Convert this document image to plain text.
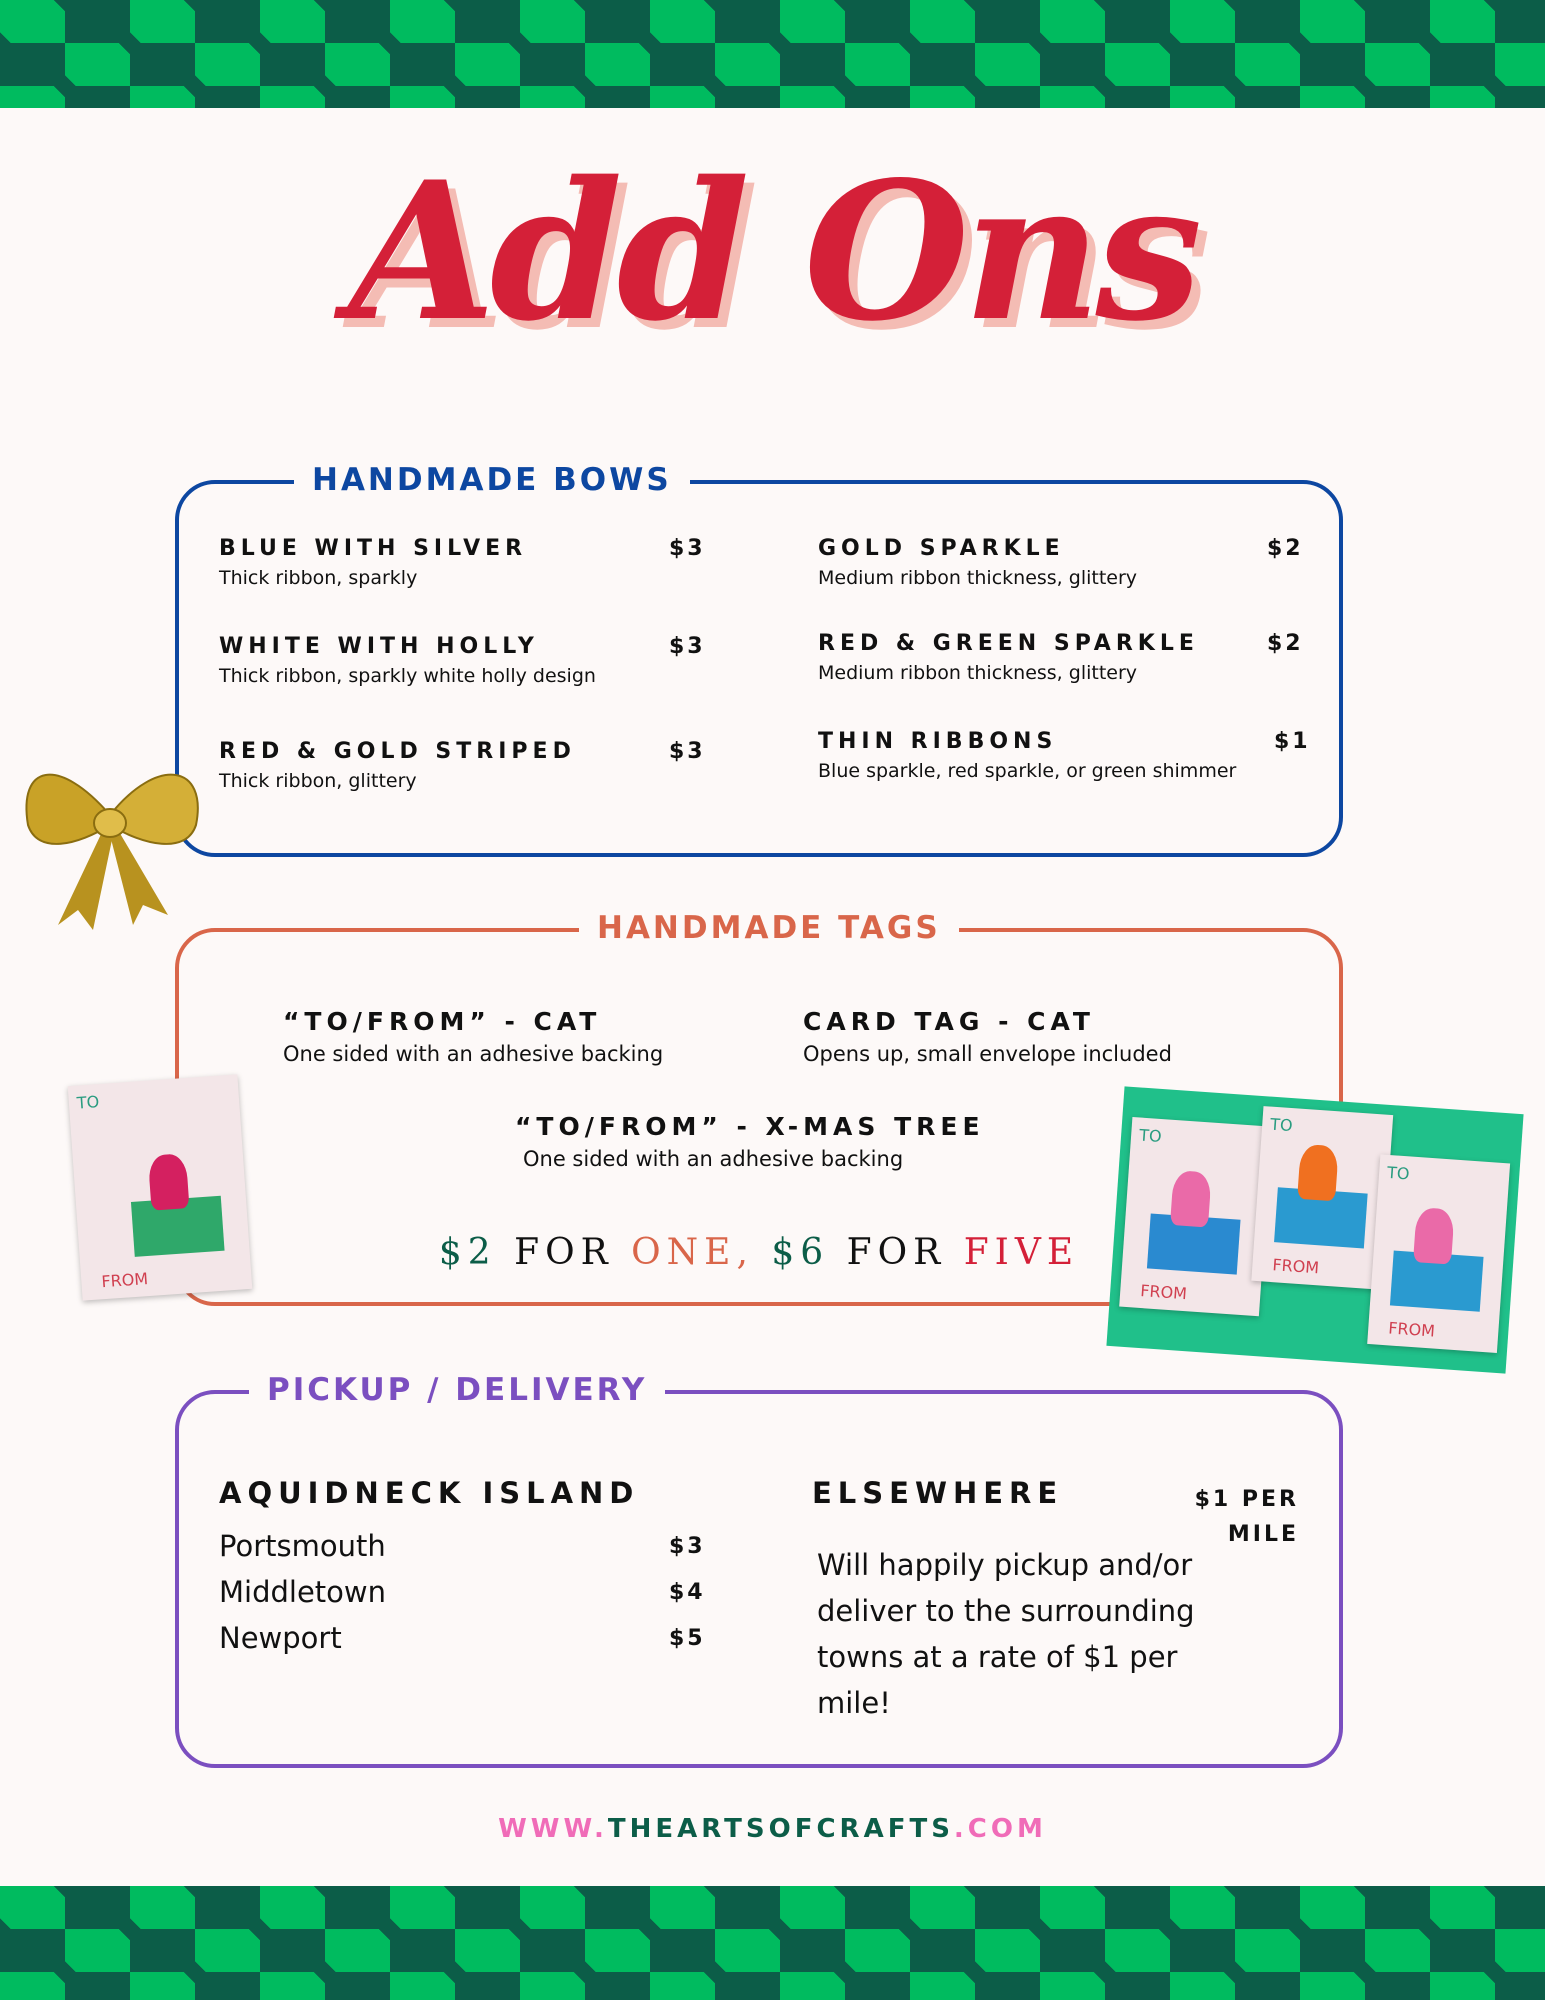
Add Ons
HANDMADE BOWS
BLUE WITH SILVER
Thick ribbon, sparkly
$3
WHITE WITH HOLLY
Thick ribbon, sparkly white holly design
$3
RED & GOLD STRIPED
Thick ribbon, glittery
$3
GOLD SPARKLE
Medium ribbon thickness, glittery
$2
RED & GREEN SPARKLE
Medium ribbon thickness, glittery
$2
THIN RIBBONS
Blue sparkle, red sparkle, or green shimmer
$1
HANDMADE TAGS
“TO/FROM” - CAT
One sided with an adhesive backing
CARD TAG - CAT
Opens up, small envelope included
“TO/FROM” - X-MAS TREE
One sided with an adhesive backing
$2 FOR ONE, $6 FOR FIVE
TO
FROM
TO
FROM
TO
FROM
TO
FROM
PICKUP / DELIVERY
AQUIDNECK ISLAND
Portsmouth	$3
Middletown	$4
Newport	$5
ELSEWHERE	$1 PER MILE
Will happily pickup and/or deliver to the surrounding towns at a rate of $1 per mile!
WWW.THEARTSOFCRAFTS.COM
